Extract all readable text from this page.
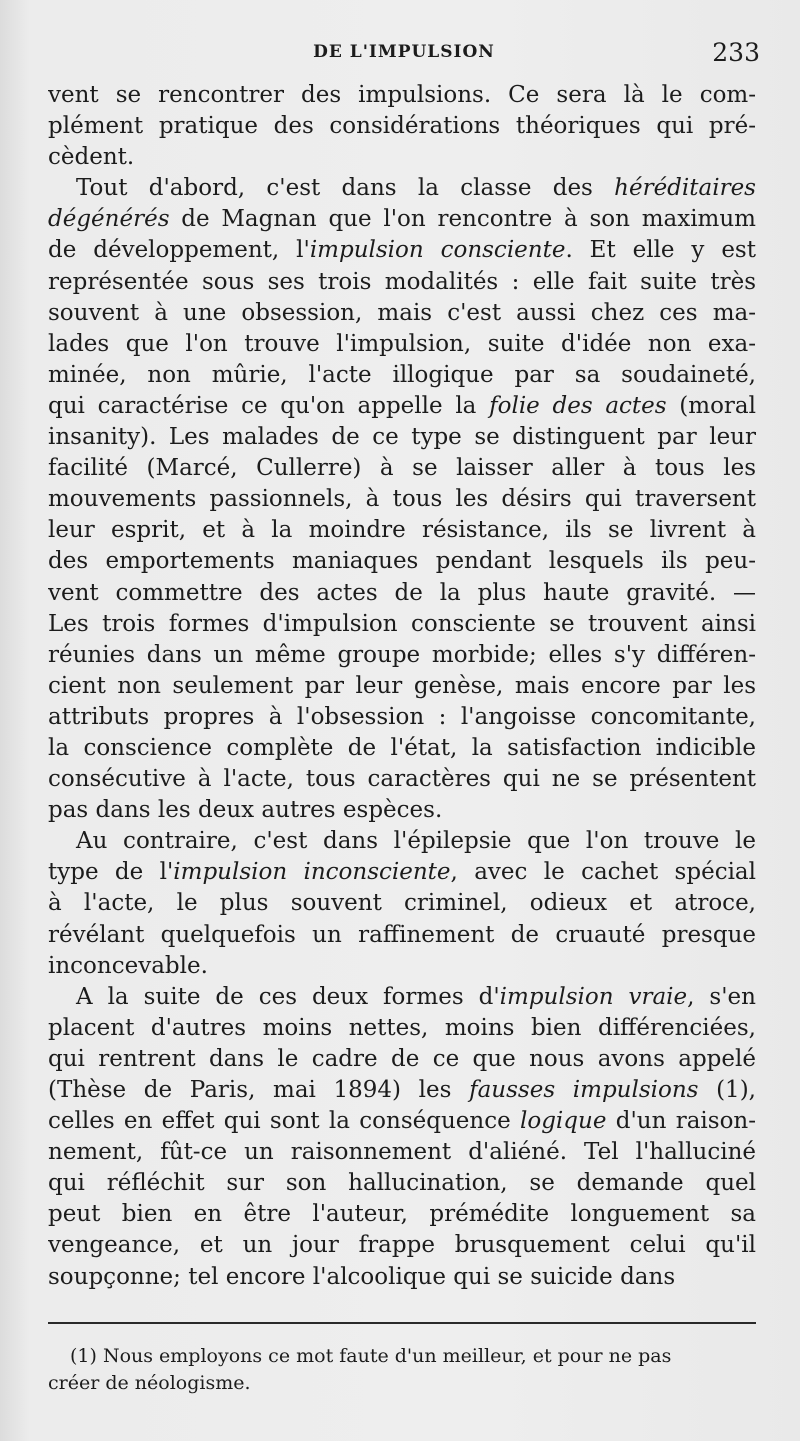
DE L'IMPULSION	233
vent se rencontrer des impulsions. Ce sera là le com-
plément pratique des considérations théoriques qui pré-
cèdent.
Tout d'abord, c'est dans la classe des héréditaires
dégénérés de Magnan que l'on rencontre à son maximum
de développement, l'impulsion consciente. Et elle y est
représentée sous ses trois modalités : elle fait suite très
souvent à une obsession, mais c'est aussi chez ces ma-
lades que l'on trouve l'impulsion, suite d'idée non exa-
minée, non mûrie, l'acte illogique par sa soudaineté,
qui caractérise ce qu'on appelle la folie des actes (moral
insanity). Les malades de ce type se distinguent par leur
facilité (Marcé, Cullerre) à se laisser aller à tous les
mouvements passionnels, à tous les désirs qui traversent
leur esprit, et à la moindre résistance, ils se livrent à
des emportements maniaques pendant lesquels ils peu-
vent commettre des actes de la plus haute gravité. —
Les trois formes d'impulsion consciente se trouvent ainsi
réunies dans un même groupe morbide; elles s'y différen-
cient non seulement par leur genèse, mais encore par les
attributs propres à l'obsession : l'angoisse concomitante,
la conscience complète de l'état, la satisfaction indicible
consécutive à l'acte, tous caractères qui ne se présentent
pas dans les deux autres espèces.
Au contraire, c'est dans l'épilepsie que l'on trouve le
type de l'impulsion inconsciente, avec le cachet spécial
à l'acte, le plus souvent criminel, odieux et atroce,
révélant quelquefois un raffinement de cruauté presque
inconcevable.
A la suite de ces deux formes d'impulsion vraie, s'en
placent d'autres moins nettes, moins bien différenciées,
qui rentrent dans le cadre de ce que nous avons appelé
(Thèse de Paris, mai 1894) les fausses impulsions (1),
celles en effet qui sont la conséquence logique d'un raison-
nement, fût-ce un raisonnement d'aliéné. Tel l'halluciné
qui réfléchit sur son hallucination, se demande quel
peut bien en être l'auteur, prémédite longuement sa
vengeance, et un jour frappe brusquement celui qu'il
soupçonne; tel encore l'alcoolique qui se suicide dans
(1) Nous employons ce mot faute d'un meilleur, et pour ne pas
créer de néologisme.
